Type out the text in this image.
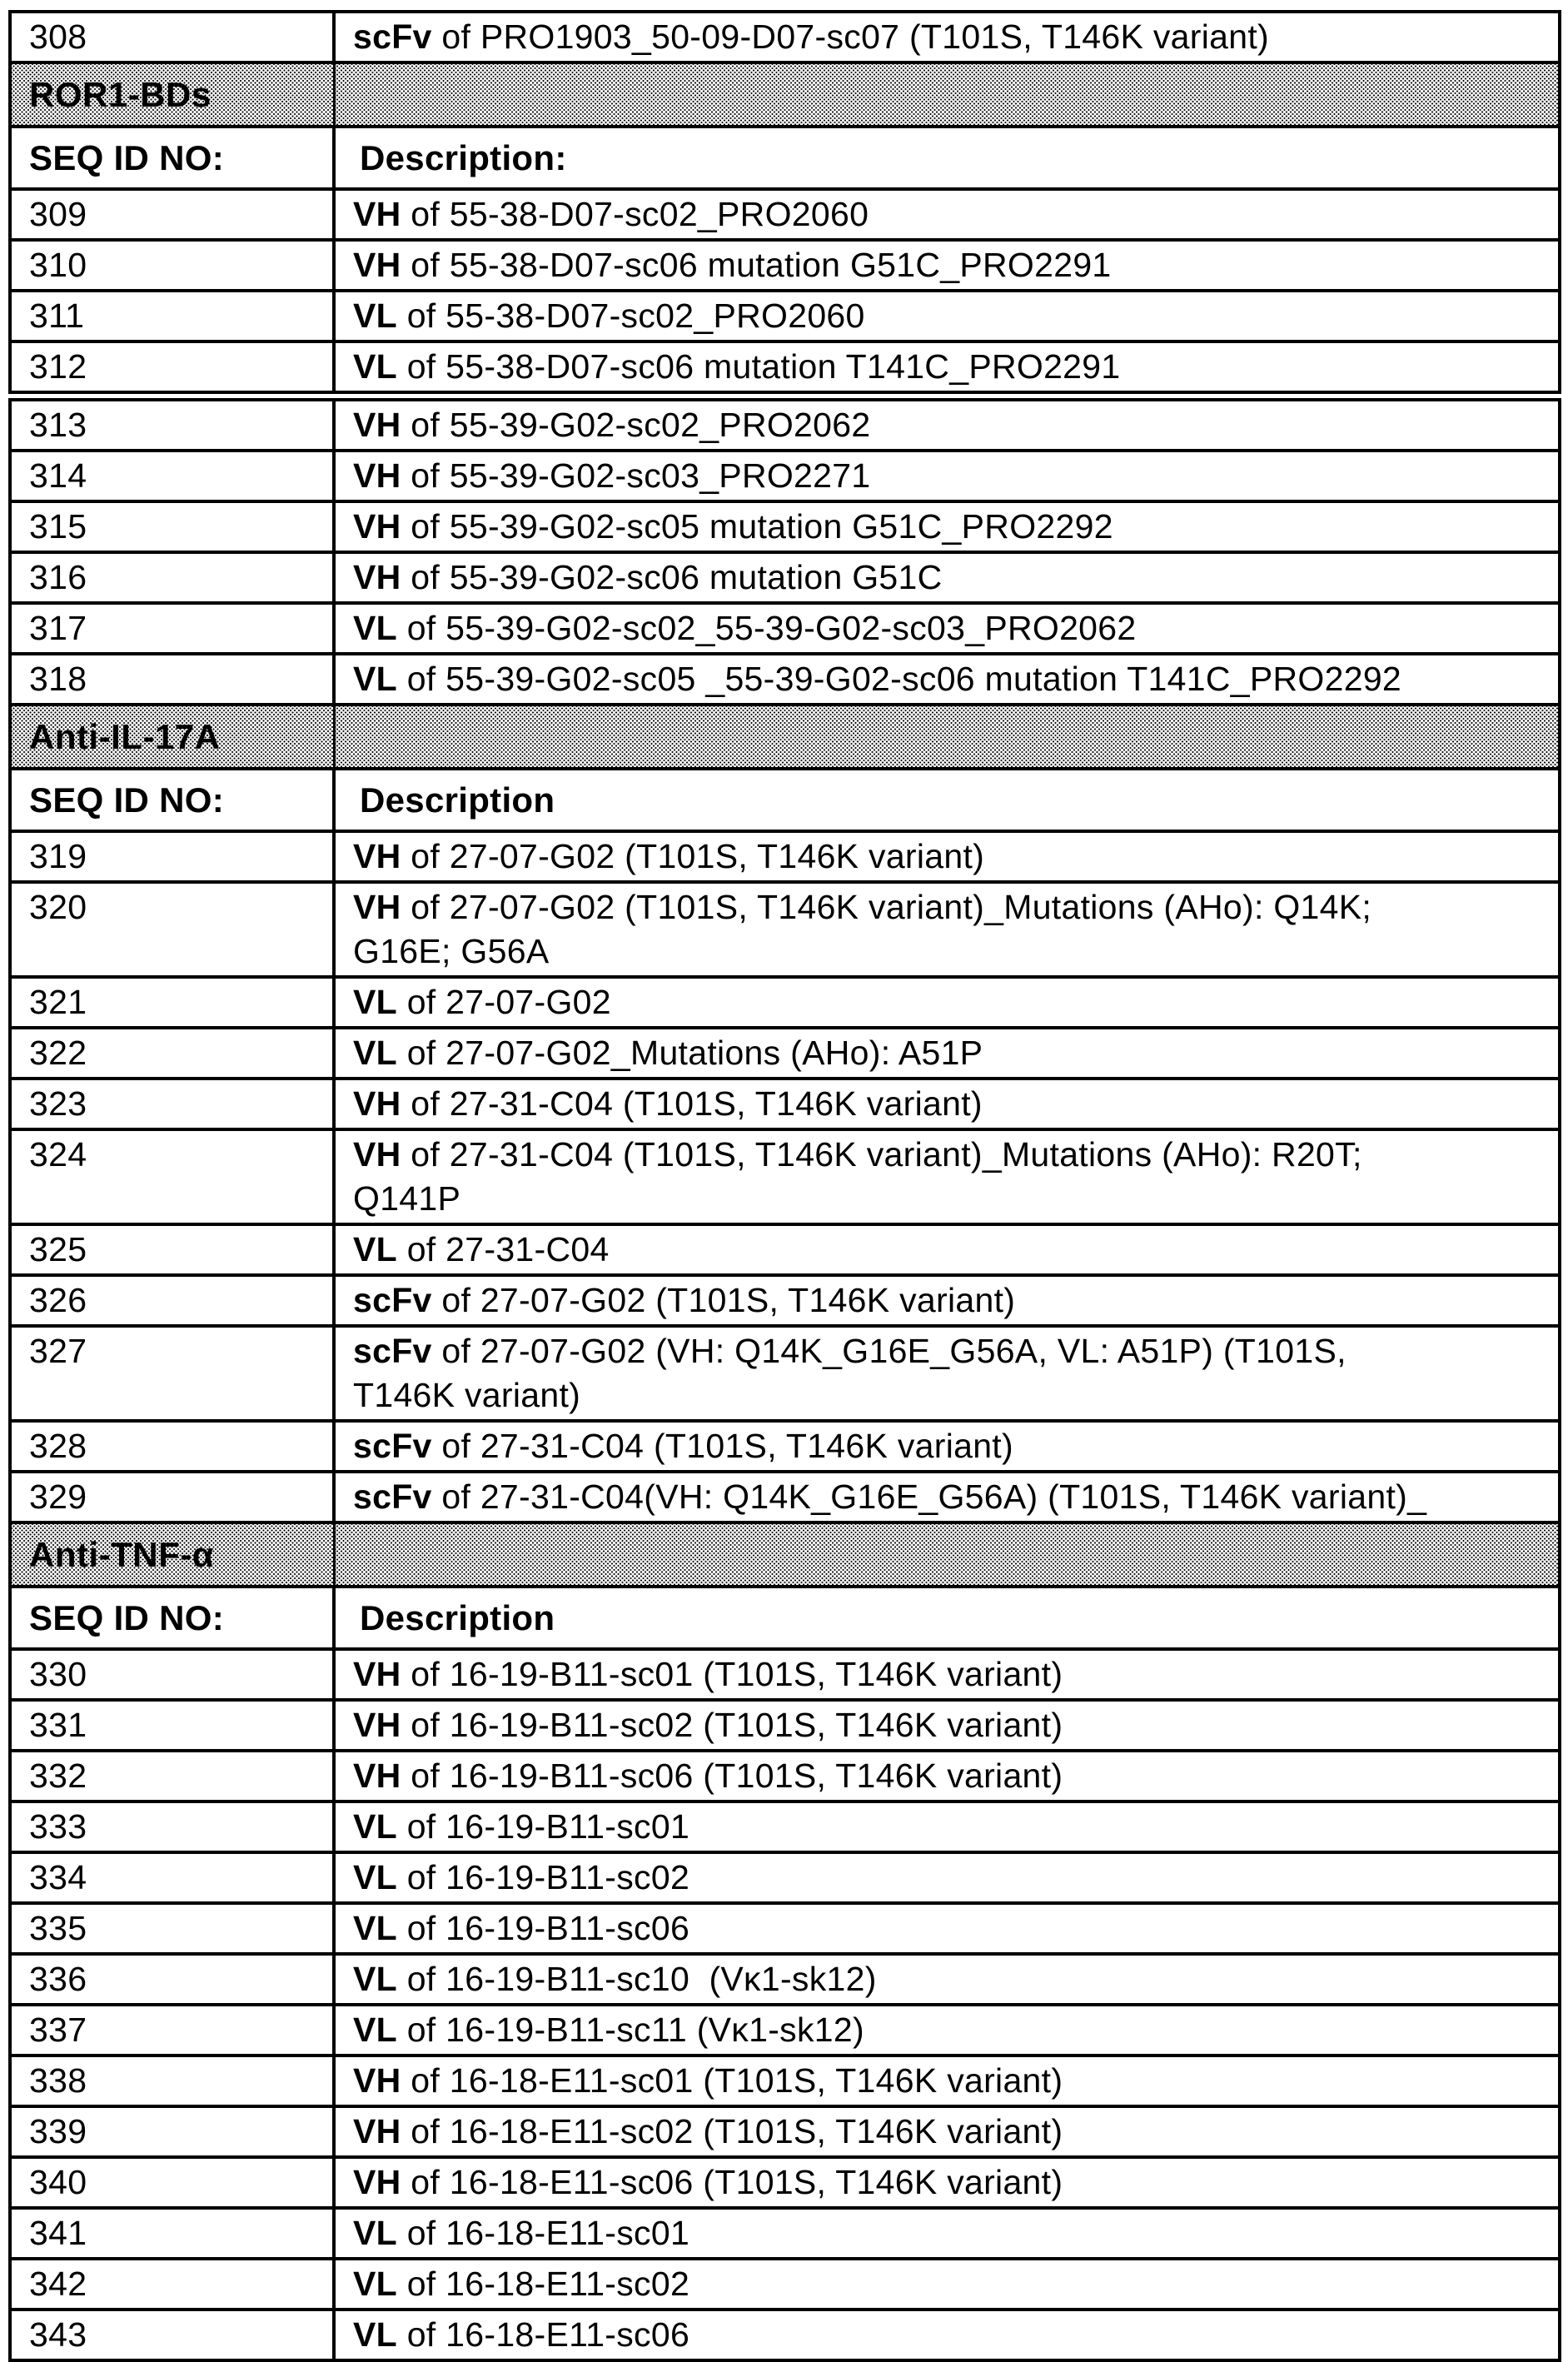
308	scFv of PRO1903_50-09-D07-sc07 (T101S, T146K variant)
ROR1-BDs	
SEQ ID NO:	Description:
309	VH of 55-38-D07-sc02_PRO2060
310	VH of 55-38-D07-sc06 mutation G51C_PRO2291
311	VL of 55-38-D07-sc02_PRO2060
312	VL of 55-38-D07-sc06 mutation T141C_PRO2291
313	VH of 55-39-G02-sc02_PRO2062
314	VH of 55-39-G02-sc03_PRO2271
315	VH of 55-39-G02-sc05 mutation G51C_PRO2292
316	VH of 55-39-G02-sc06 mutation G51C
317	VL of 55-39-G02-sc02_55-39-G02-sc03_PRO2062
318	VL of 55-39-G02-sc05 _55-39-G02-sc06 mutation T141C_PRO2292
Anti-IL-17A	
SEQ ID NO:	Description
319	VH of 27-07-G02 (T101S, T146K variant)
320	VH of 27-07-G02 (T101S, T146K variant)_Mutations (AHo): Q14K;
G16E; G56A
321	VL of 27-07-G02
322	VL of 27-07-G02_Mutations (AHo): A51P
323	VH of 27-31-C04 (T101S, T146K variant)
324	VH of 27-31-C04 (T101S, T146K variant)_Mutations (AHo): R20T;
Q141P
325	VL of 27-31-C04
326	scFv of 27-07-G02 (T101S, T146K variant)
327	scFv of 27-07-G02 (VH: Q14K_G16E_G56A, VL: A51P) (T101S,
T146K variant)
328	scFv of 27-31-C04 (T101S, T146K variant)
329	scFv of 27-31-C04(VH: Q14K_G16E_G56A) (T101S, T146K variant)_
Anti-TNF-α	
SEQ ID NO:	Description
330	VH of 16-19-B11-sc01 (T101S, T146K variant)
331	VH of 16-19-B11-sc02 (T101S, T146K variant)
332	VH of 16-19-B11-sc06 (T101S, T146K variant)
333	VL of 16-19-B11-sc01
334	VL of 16-19-B11-sc02
335	VL of 16-19-B11-sc06
336	VL of 16-19-B11-sc10  (Vκ1-sk12)
337	VL of 16-19-B11-sc11 (Vκ1-sk12)
338	VH of 16-18-E11-sc01 (T101S, T146K variant)
339	VH of 16-18-E11-sc02 (T101S, T146K variant)
340	VH of 16-18-E11-sc06 (T101S, T146K variant)
341	VL of 16-18-E11-sc01
342	VL of 16-18-E11-sc02
343	VL of 16-18-E11-sc06
